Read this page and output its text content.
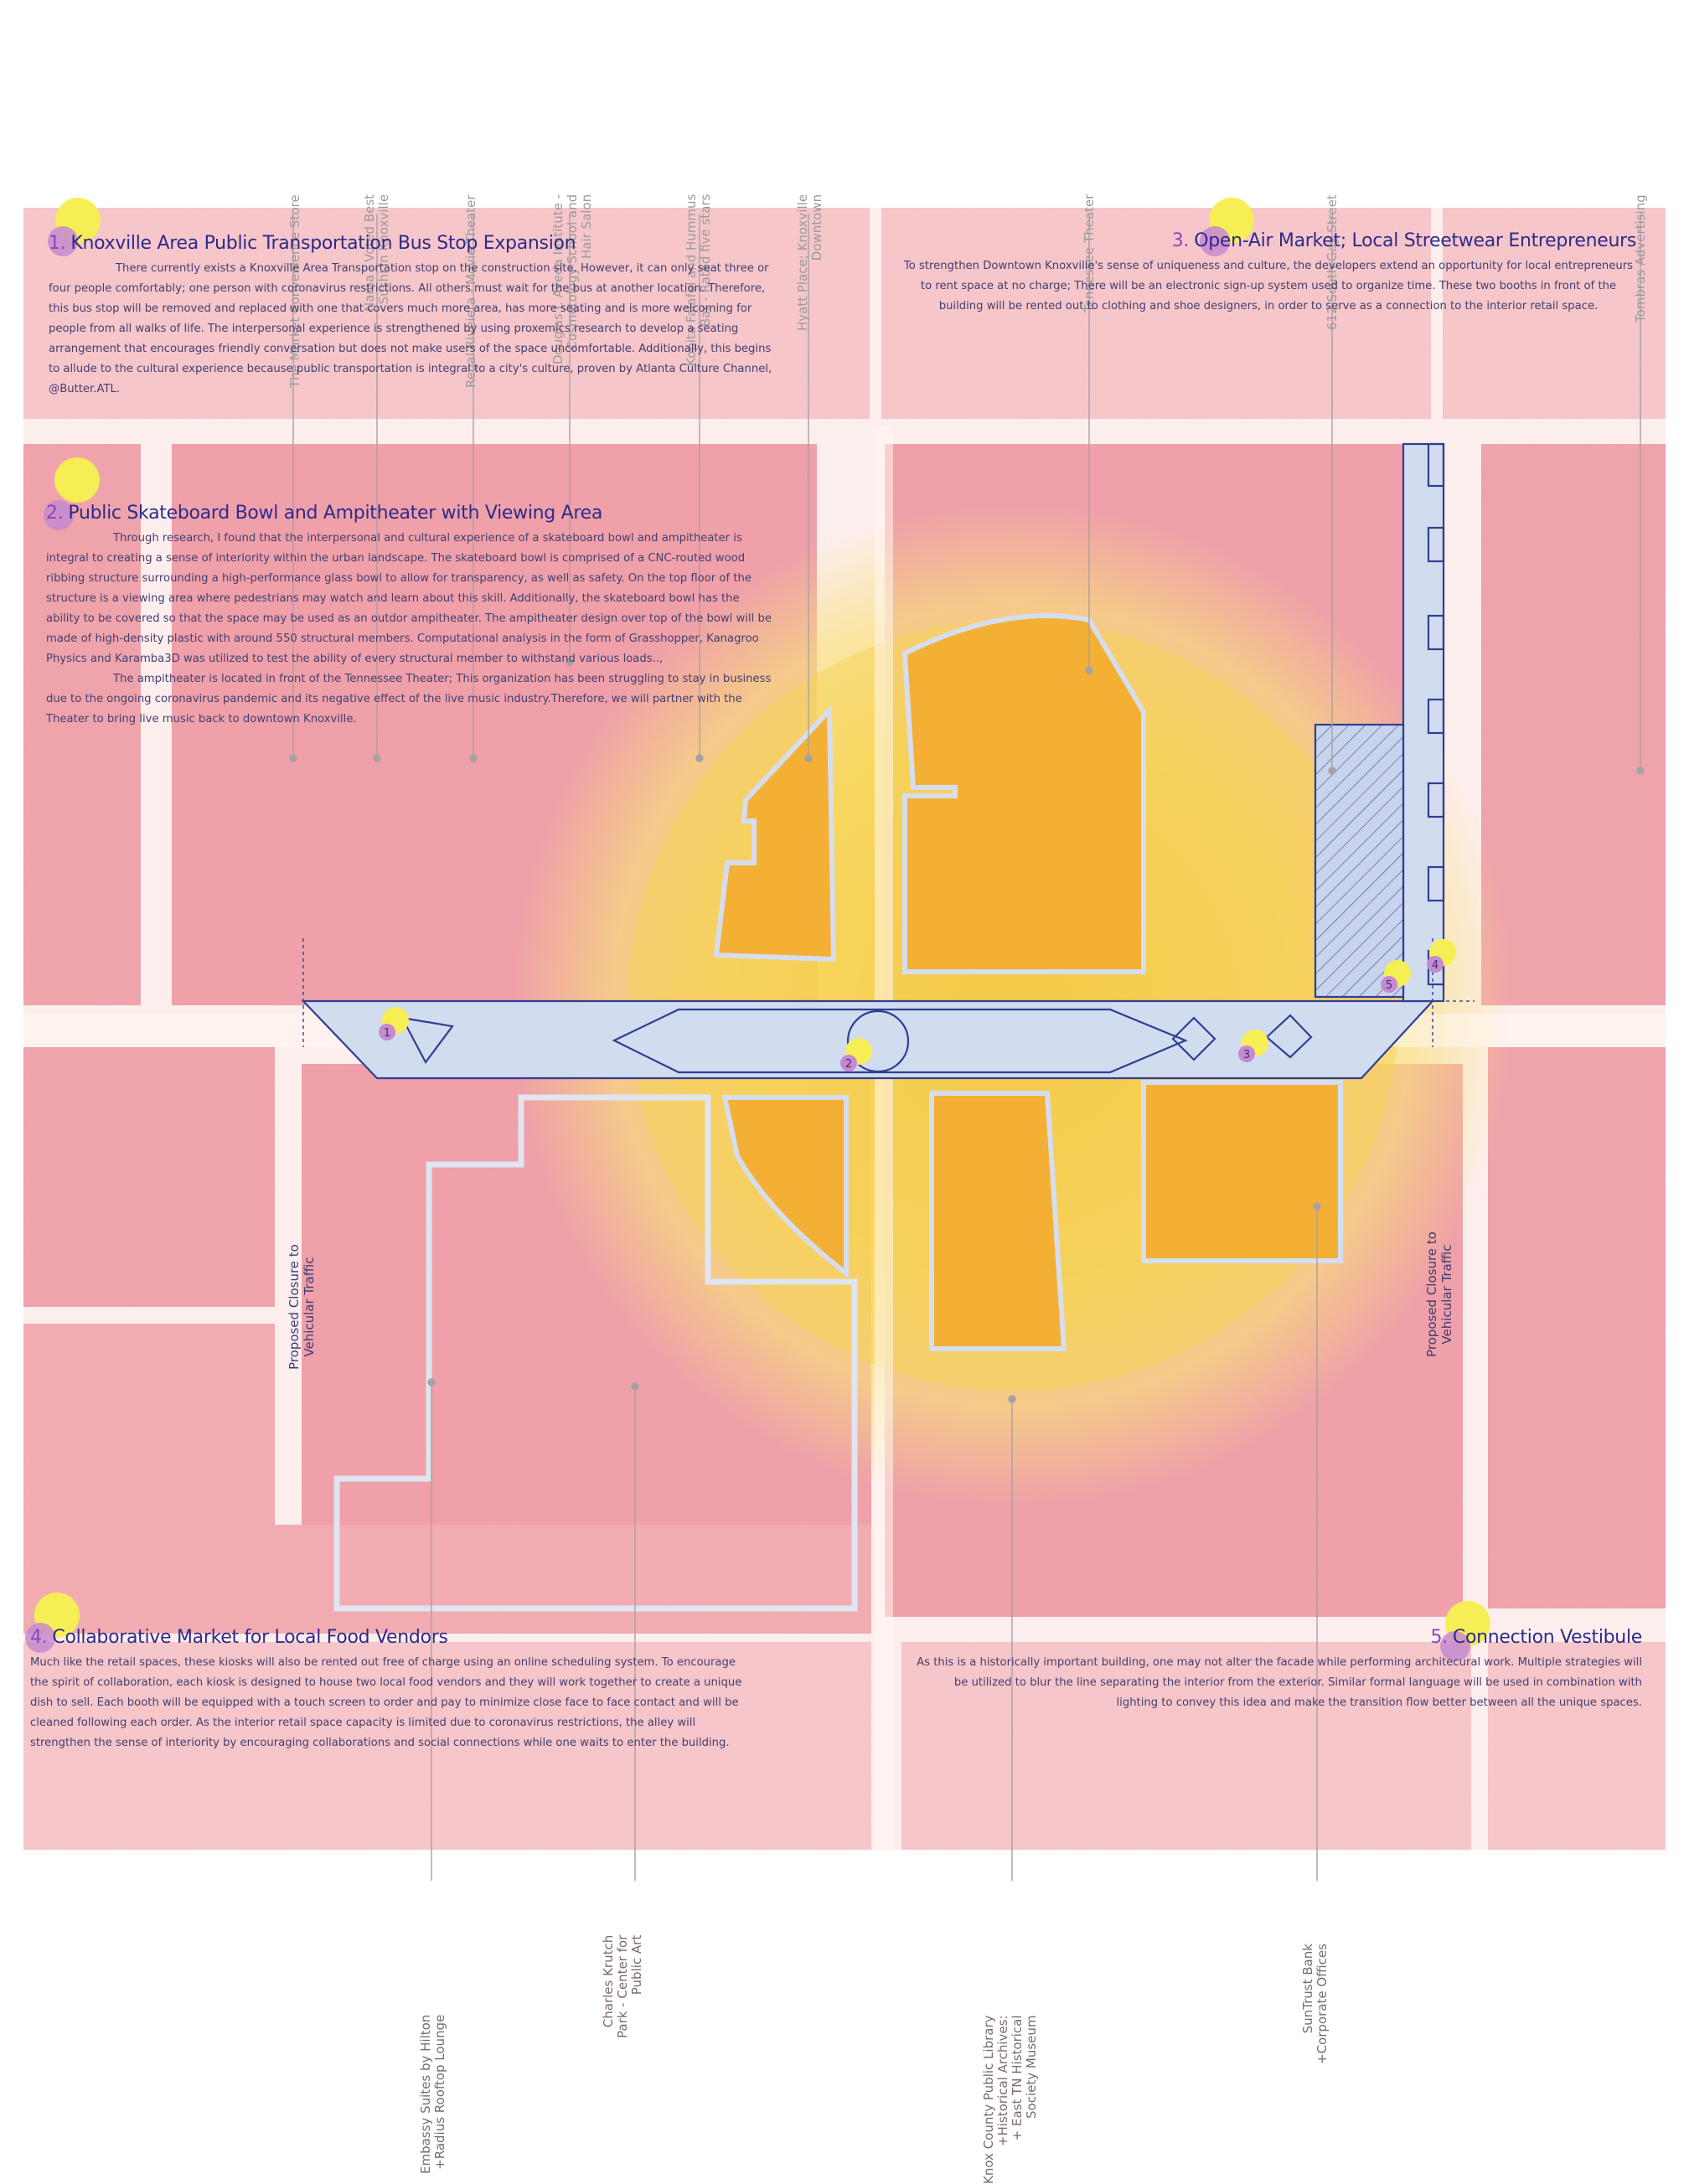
1
2
3
4
5
The Market Convenience Store	Nama - Voted Best
Sushi in Knoxville	Regal Riveiera - Movie Theater	Douglas J. Aveda Institute -
Cosmetology School and
Hair Salon
Kopita Falafel and Hummus
Bar - Rated five stars
Hyatt Place; Knoxville
Downtown	Tennessee Theater	612 South Gay Street	Tombras Advertising
Embassy Suites by Hilton
+Radius Rooftop Lounge
Charles Krutch
Park - Center for
Public Art
Knox County Public Library
+Historical Archives:
+ East TN Historical
Society Museum
SunTrust Bank
+Corporate Offices
Proposed Closure to
Vehicular Traffic
Proposed Closure to
Vehicular Traffic
1. Knoxville Area Public Transportation Bus Stop Expansion

There currently exists a Knoxville Area Transportation stop on the construction site. However, it can only seat three or four people comfortably; one person with coronavirus restrictions. All others must wait for the bus at another location. Therefore, this bus stop will be removed and replaced with one that covers much more area, has more seating and is more welcoming for people from all walks of life. The interpersonal experience is strengthened by using proxemics research to develop a seating arrangement that encourages friendly conversation but does not make users of the space uncomfortable. Additionally, this begins to allude to the cultural experience because public transportation is integral to a city's culture, proven by Atlanta Culture Channel, @Butter.ATL.

2. Public Skateboard Bowl and Ampitheater with Viewing Area

Through research, I found that the interpersonal and cultural experience of a skateboard bowl and ampitheater is integral to creating a sense of interiority within the urban landscape. The skateboard bowl is comprised of a CNC-routed wood ribbing structure surrounding a high-performance glass bowl to allow for transparency, as well as safety. On the top floor of the structure is a viewing area where pedestrians may watch and learn about this skill. Additionally, the skateboard bowl has the ability to be covered so that the space may be used as an outdor ampitheater. The ampitheater design over top of the bowl will be made of high-density plastic with around 550 structural members. Computational analysis in the form of Grasshopper, Kanagroo Physics and Karamba3D was utilized to test the ability of every structural member to withstand various loads..,
The ampitheater is located in front of the Tennessee Theater; This organization has been struggling to stay in business due to the ongoing coronavirus pandemic and its negative effect of the live music industry.Therefore, we will partner with the Theater to bring live music back to downtown Knoxville.

3. Open-Air Market; Local Streetwear Entrepreneurs

To strengthen Downtown Knoxville's sense of uniqueness and culture, the developers extend an opportunity for local entrepreneurs to rent space at no charge; There will be an electronic sign-up system used to organize time. These two booths in front of the building will be rented out to clothing and shoe designers, in order to serve as a connection to the interior retail space.

4. Collaborative Market for Local Food Vendors

Much like the retail spaces, these kiosks will also be rented out free of charge using an online scheduling system. To encourage the spirit of collaboration, each kiosk is designed to house two local food vendors and they will work together to create a unique dish to sell. Each booth will be equipped with a touch screen to order and pay to minimize close face to face contact and will be cleaned following each order. As the interior retail space capacity is limited due to coronavirus restrictions, the alley will strengthen the sense of interiority by encouraging collaborations and social connections while one waits to enter the building.

5. Connection Vestibule

As this is a historically important building, one may not alter the facade while performing architecural work. Multiple strategies will be utilized to blur the line separating the interior from the exterior. Similar formal language will be used in combination with lighting to convey this idea and make the transition flow better between all the unique spaces.
